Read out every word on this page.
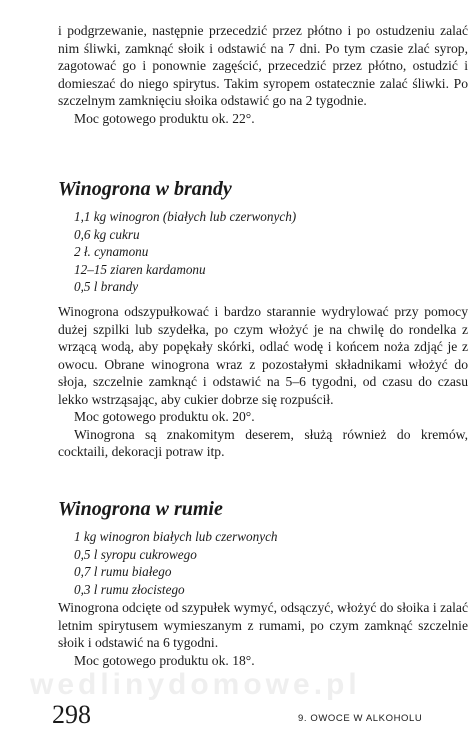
i podgrzewanie, następnie przecedzić przez płótno i po ostudzeniu zalać nim śliwki, zamknąć słoik i odstawić na 7 dni. Po tym czasie zlać syrop, zagotować go i ponownie zagęścić, przecedzić przez płótno, ostudzić i domieszać do niego spirytus. Takim syropem ostatecznie zalać śliwki. Po szczelnym zamknięciu słoika odstawić go na 2 tygodnie.

Moc gotowego produktu ok. 22°.

Winogrona w brandy
1,1 kg winogron (białych lub czerwonych)
0,6 kg cukru
2 ł. cynamonu
12–15 ziaren kardamonu
0,5 l brandy

Winogrona odszypułkować i bardzo starannie wydrylować przy pomocy dużej szpilki lub szydełka, po czym włożyć je na chwilę do rondelka z wrzącą wodą, aby popękały skórki, odlać wodę i końcem noża zdjąć je z owocu. Obrane winogrona wraz z pozostałymi składnikami włożyć do słoja, szczelnie zamknąć i odstawić na 5–6 tygodni, od czasu do czasu lekko wstrząsając, aby cukier dobrze się rozpuścił.

Moc gotowego produktu ok. 20°.

Winogrona są znakomitym deserem, służą również do kremów, cocktaili, dekoracji potraw itp.

Winogrona w rumie
1 kg winogron białych lub czerwonych
0,5 l syropu cukrowego
0,7 l rumu białego
0,3 l rumu złocistego

Winogrona odcięte od szypułek wymyć, odsączyć, włożyć do słoika i zalać letnim spirytusem wymieszanym z rumami, po czym zamknąć szczelnie słoik i odstawić na 6 tygodni.

Moc gotowego produktu ok. 18°.

wedlinydomowe.pl
298	9. OWOCE W ALKOHOLU
